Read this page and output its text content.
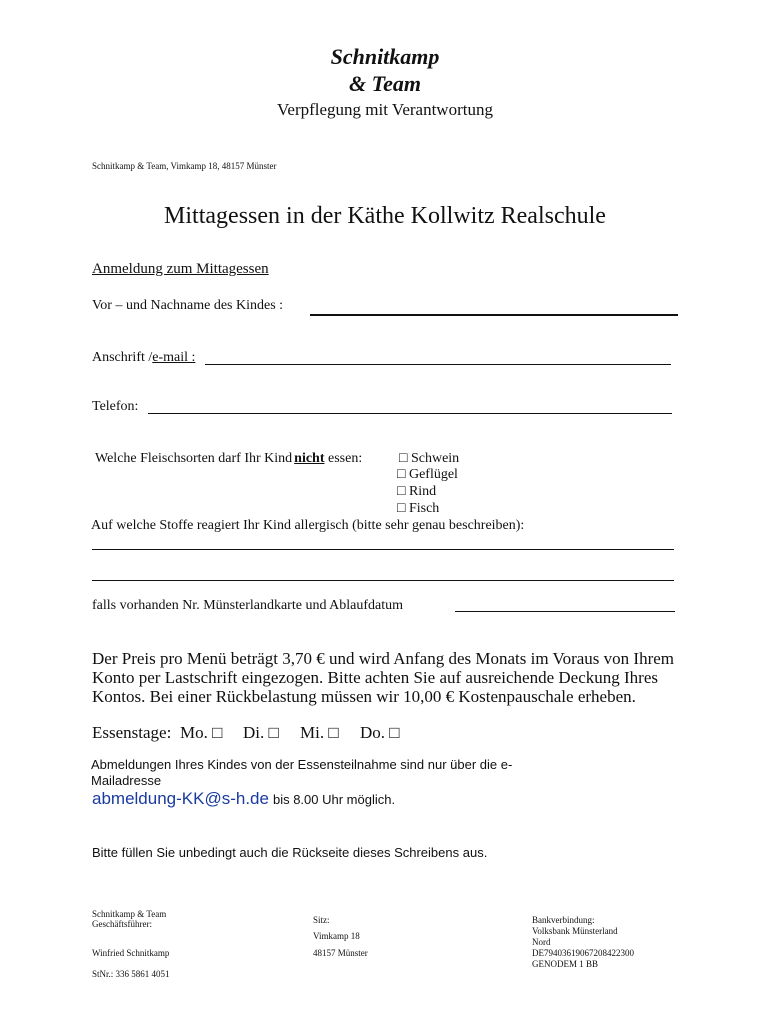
Schnitkamp
& Team
Verpflegung mit Verantwortung
Schnitkamp & Team, Vimkamp 18, 48157 Münster
Mittagessen in der Käthe Kollwitz Realschule
Anmeldung zum Mittagessen
Vor – und Nachname des Kindes :
Anschrift /e-mail :
Telefon:
Welche Fleischsorten darf Ihr Kind nicht essen:	□ Schwein
□ Geflügel
□ Rind
□ Fisch
Auf welche Stoffe reagiert Ihr Kind allergisch (bitte sehr genau beschreiben):
falls vorhanden Nr. Münsterlandkarte und Ablaufdatum
Der Preis pro Menü beträgt 3,70 € und wird Anfang des Monats im Voraus von Ihrem
Konto per Lastschrift eingezogen. Bitte achten Sie auf ausreichende Deckung Ihres
Kontos. Bei einer Rückbelastung müssen wir 10,00 € Kostenpauschale erheben.
Essenstage: Mo. □ Di. □ Mi. □ Do. □
Abmeldungen Ihres Kindes von der Essensteilnahme sind nur über die e-
Mailadresse
abmeldung-KK@s-h.de bis 8.00 Uhr möglich.
Bitte füllen Sie unbedingt auch die Rückseite dieses Schreibens aus.
Schnitkamp & Team
Geschäftsführer:
Winfried Schnitkamp
StNr.: 336 5861 4051
Sitz:
Vimkamp 18
48157 Münster
Bankverbindung:
Volksbank Münsterland
Nord
DE79403619067208422300
GENODEM 1 BB
